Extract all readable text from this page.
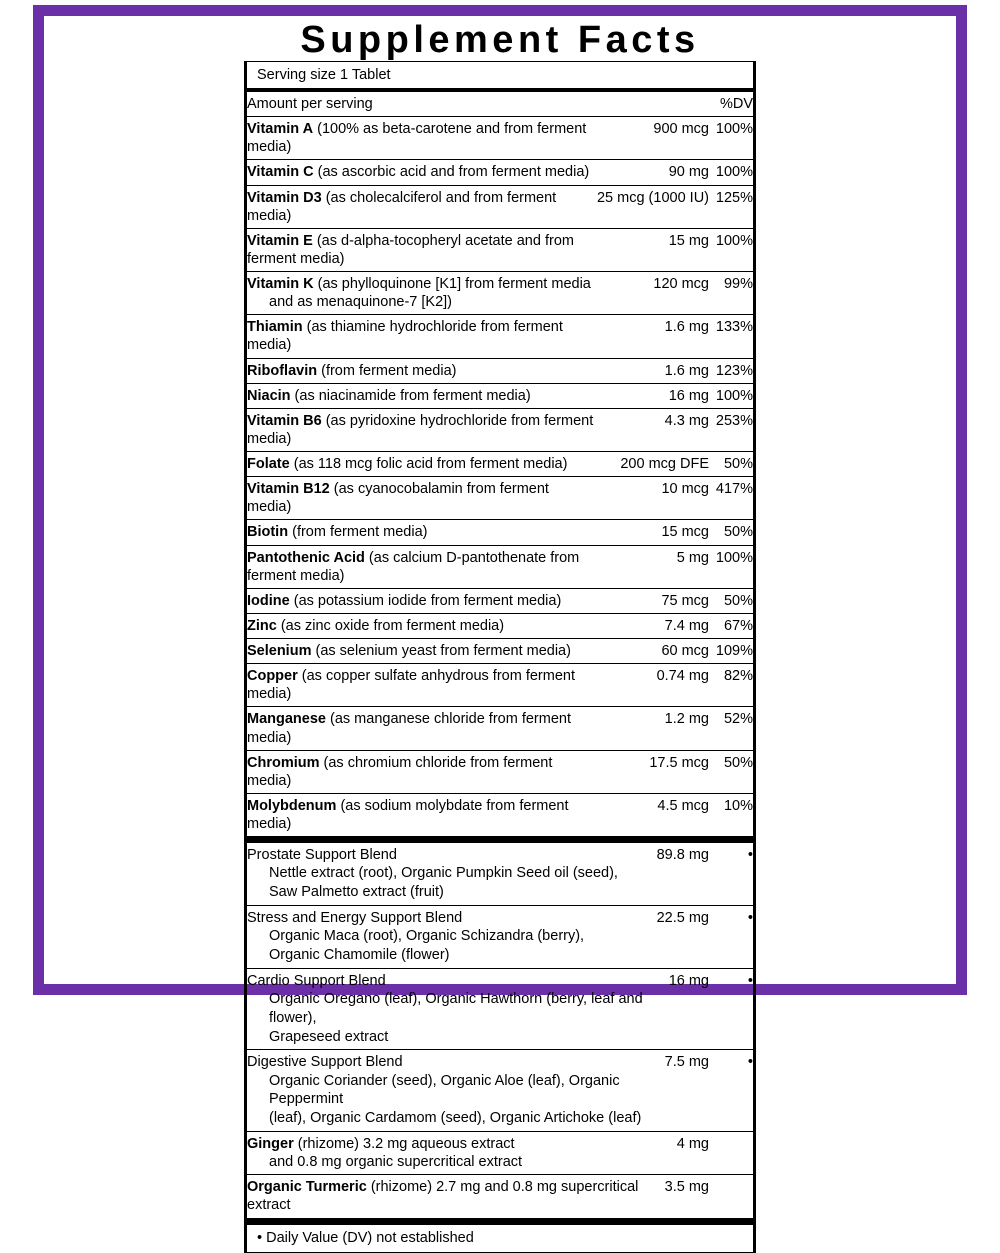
Supplement Facts
Serving size 1 Tablet
Amount per serving		%DV
Vitamin A (100% as beta-carotene and from ferment media)	900 mcg	100%
Vitamin C (as ascorbic acid and from ferment media)	90 mg	100%
Vitamin D3 (as cholecalciferol and from ferment media)	25 mcg (1000 IU)	125%
Vitamin E (as d-alpha-tocopheryl acetate and from ferment media)	15 mg	100%
Vitamin K (as phylloquinone [K1] from ferment media
and as menaquinone-7 [K2])	120 mcg	99%
Thiamin (as thiamine hydrochloride from ferment media)	1.6 mg	133%
Riboflavin (from ferment media)	1.6 mg	123%
Niacin (as niacinamide from ferment media)	16 mg	100%
Vitamin B6 (as pyridoxine hydrochloride from ferment media)	4.3 mg	253%
Folate (as 118 mcg folic acid from ferment media)	200 mcg DFE	50%
Vitamin B12 (as cyanocobalamin from ferment media)	10 mcg	417%
Biotin (from ferment media)	15 mcg	50%
Pantothenic Acid (as calcium D-pantothenate from ferment media)	5 mg	100%
Iodine (as potassium iodide from ferment media)	75 mcg	50%
Zinc (as zinc oxide from ferment media)	7.4 mg	67%
Selenium (as selenium yeast from ferment media)	60 mcg	109%
Copper (as copper sulfate anhydrous from ferment media)	0.74 mg	82%
Manganese (as manganese chloride from ferment media)	1.2 mg	52%
Chromium (as chromium chloride from ferment media)	17.5 mcg	50%
Molybdenum (as sodium molybdate from ferment media)	4.5 mcg	10%
Prostate Support Blend
Nettle extract (root), Organic Pumpkin Seed oil (seed),
Saw Palmetto extract (fruit)	89.8 mg	•

Stress and Energy Support Blend
Organic Maca (root), Organic Schizandra (berry),
Organic Chamomile (flower)	22.5 mg	•

Cardio Support Blend
Organic Oregano (leaf), Organic Hawthorn (berry, leaf and flower),
Grapeseed extract	16 mg	•

Digestive Support Blend
Organic Coriander (seed), Organic Aloe (leaf), Organic Peppermint
(leaf), Organic Cardamom (seed), Organic Artichoke (leaf)	7.5 mg	•
Ginger (rhizome) 3.2 mg aqueous extract
and 0.8 mg organic supercritical extract	4 mg	
Organic Turmeric (rhizome) 2.7 mg and 0.8 mg supercritical extract	3.5 mg	
• Daily Value (DV) not established
